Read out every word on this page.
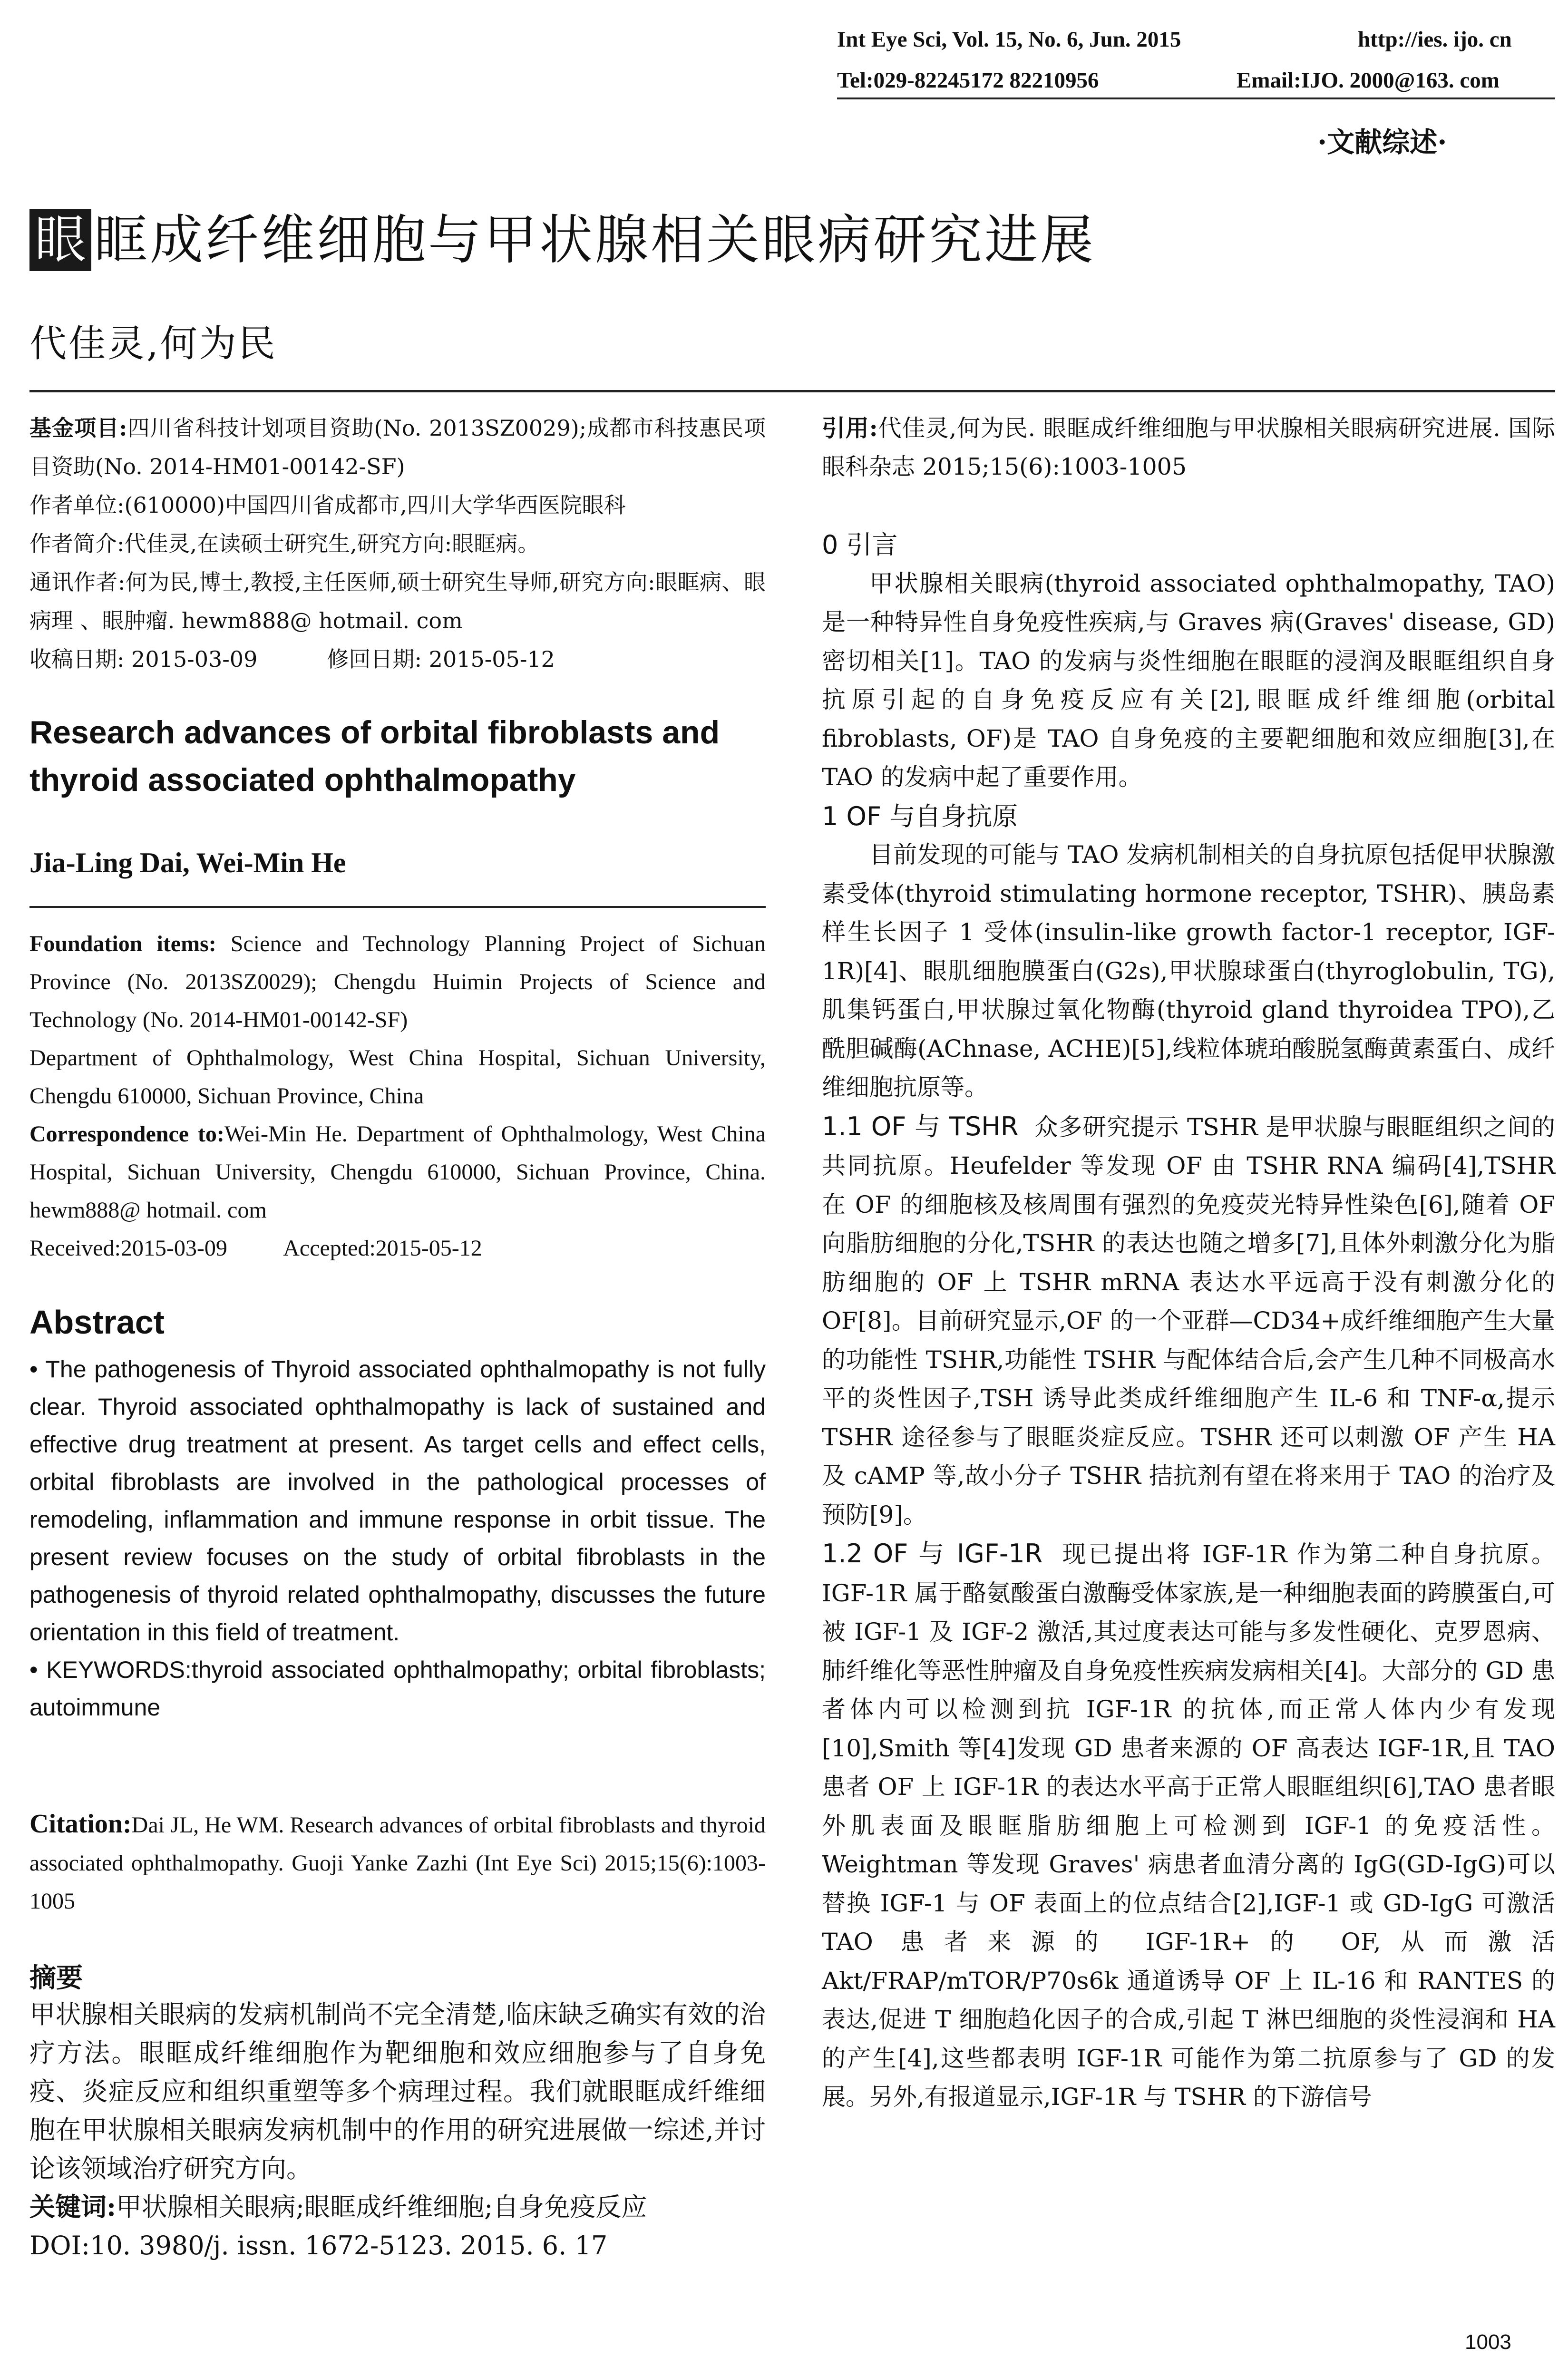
Int Eye Sci, Vol. 15, No. 6, Jun. 2015	http://ies. ijo. cn
Tel:029-82245172 82210956	Email:IJO. 2000@163. com
·文献综述·
眼 眶成纤维细胞与甲状腺相关眼病研究进展
代佳灵,何为民

基金项目:四川省科技计划项目资助(No. 2013SZ0029);成都市科技惠民项目资助(No. 2014-HM01-00142-SF)

作者单位:(610000)中国四川省成都市,四川大学华西医院眼科

作者简介:代佳灵,在读硕士研究生,研究方向:眼眶病。

通讯作者:何为民,博士,教授,主任医师,硕士研究生导师,研究方向:眼眶病、眼病理 、眼肿瘤. hewm888@ hotmail. com

收稿日期: 2015-03-09          修回日期: 2015-05-12

Research advances of orbital fibroblasts and thyroid associated ophthalmopathy
Jia-Ling Dai, Wei-Min He

Foundation items: Science and Technology Planning Project of Sichuan Province (No. 2013SZ0029); Chengdu Huimin Projects of Science and Technology (No. 2014-HM01-00142-SF)

Department of Ophthalmology, West China Hospital, Sichuan University, Chengdu 610000, Sichuan Province, China

Correspondence to:Wei-Min He. Department of Ophthalmology, West China Hospital, Sichuan University, Chengdu 610000, Sichuan Province, China. hewm888@ hotmail. com

Received:2015-03-09          Accepted:2015-05-12

Abstract

• The pathogenesis of Thyroid associated ophthalmopathy is not fully clear. Thyroid associated ophthalmopathy is lack of sustained and effective drug treatment at present. As target cells and effect cells, orbital fibroblasts are involved in the pathological processes of remodeling, inflammation and immune response in orbit tissue. The present review focuses on the study of orbital fibroblasts in the pathogenesis of thyroid related ophthalmopathy, discusses the future orientation in this field of treatment.

• KEYWORDS:thyroid associated ophthalmopathy; orbital fibroblasts; autoimmune

Citation:Dai JL, He WM. Research advances of orbital fibroblasts and thyroid associated ophthalmopathy. Guoji Yanke Zazhi (Int Eye Sci) 2015;15(6):1003-1005
摘要

甲状腺相关眼病的发病机制尚不完全清楚,临床缺乏确实有效的治疗方法。眼眶成纤维细胞作为靶细胞和效应细胞参与了自身免疫、炎症反应和组织重塑等多个病理过程。我们就眼眶成纤维细胞在甲状腺相关眼病发病机制中的作用的研究进展做一综述,并讨论该领域治疗研究方向。

关键词:甲状腺相关眼病;眼眶成纤维细胞;自身免疫反应

DOI:10. 3980/j. issn. 1672-5123. 2015. 6. 17

引用:代佳灵,何为民. 眼眶成纤维细胞与甲状腺相关眼病研究进展. 国际眼科杂志 2015;15(6):1003-1005

0 引言

甲状腺相关眼病(thyroid associated ophthalmopathy, TAO)是一种特异性自身免疫性疾病,与 Graves 病(Graves' disease, GD)密切相关[1]。TAO 的发病与炎性细胞在眼眶的浸润及眼眶组织自身抗原引起的自身免疫反应有关[2],眼眶成纤维细胞(orbital fibroblasts, OF)是 TAO 自身免疫的主要靶细胞和效应细胞[3],在 TAO 的发病中起了重要作用。

1 OF 与自身抗原

目前发现的可能与 TAO 发病机制相关的自身抗原包括促甲状腺激素受体(thyroid stimulating hormone receptor, TSHR)、胰岛素样生长因子 1 受体(insulin-like growth factor-1 receptor, IGF-1R)[4]、眼肌细胞膜蛋白(G2s),甲状腺球蛋白(thyroglobulin, TG),肌集钙蛋白,甲状腺过氧化物酶(thyroid gland thyroidea TPO),乙酰胆碱酶(AChnase, ACHE)[5],线粒体琥珀酸脱氢酶黄素蛋白、成纤维细胞抗原等。

1.1 OF 与 TSHR 众多研究提示 TSHR 是甲状腺与眼眶组织之间的共同抗原。Heufelder 等发现 OF 由 TSHR RNA 编码[4],TSHR 在 OF 的细胞核及核周围有强烈的免疫荧光特异性染色[6],随着 OF 向脂肪细胞的分化,TSHR 的表达也随之增多[7],且体外刺激分化为脂肪细胞的 OF 上 TSHR mRNA 表达水平远高于没有刺激分化的 OF[8]。目前研究显示,OF 的一个亚群—CD34+成纤维细胞产生大量的功能性 TSHR,功能性 TSHR 与配体结合后,会产生几种不同极高水平的炎性因子,TSH 诱导此类成纤维细胞产生 IL-6 和 TNF-α,提示 TSHR 途径参与了眼眶炎症反应。TSHR 还可以刺激 OF 产生 HA 及 cAMP 等,故小分子 TSHR 拮抗剂有望在将来用于 TAO 的治疗及预防[9]。

1.2 OF 与 IGF-1R 现已提出将 IGF-1R 作为第二种自身抗原。IGF-1R 属于酪氨酸蛋白激酶受体家族,是一种细胞表面的跨膜蛋白,可被 IGF-1 及 IGF-2 激活,其过度表达可能与多发性硬化、克罗恩病、肺纤维化等恶性肿瘤及自身免疫性疾病发病相关[4]。大部分的 GD 患者体内可以检测到抗 IGF-1R 的抗体,而正常人体内少有发现[10],Smith 等[4]发现 GD 患者来源的 OF 高表达 IGF-1R,且 TAO 患者 OF 上 IGF-1R 的表达水平高于正常人眼眶组织[6],TAO 患者眼外肌表面及眼眶脂肪细胞上可检测到 IGF-1 的免疫活性。Weightman 等发现 Graves' 病患者血清分离的 IgG(GD-IgG)可以替换 IGF-1 与 OF 表面上的位点结合[2],IGF-1 或 GD-IgG 可激活 TAO 患者来源的 IGF-1R+的 OF,从而激活 Akt/FRAP/mTOR/P70s6k 通道诱导 OF 上 IL-16 和 RANTES 的表达,促进 T 细胞趋化因子的合成,引起 T 淋巴细胞的炎性浸润和 HA 的产生[4],这些都表明 IGF-1R 可能作为第二抗原参与了 GD 的发展。另外,有报道显示,IGF-1R 与 TSHR 的下游信号

1003
